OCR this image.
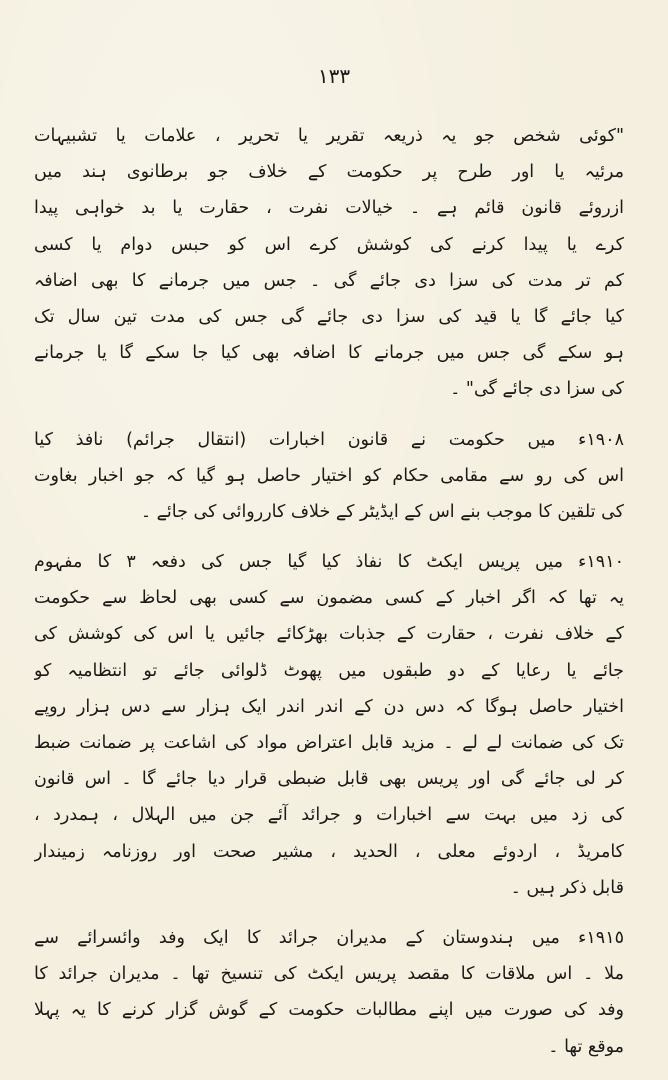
١٣٣
"کوئی شخص جو یہ ذریعہ تقریر یا تحریر ، علامات یا تشبیہات
مرئیہ یا اور طرح پر حکومت کے خلاف جو برطانوی ہند میں
ازروئے قانون قائم ہے ۔ خیالات نفرت ، حقارت یا بد خواہی پیدا
کرے یا پیدا کرنے کی کوشش کرے اس کو حبس دوام یا کسی
کم تر مدت کی سزا دی جائے گی ۔ جس میں جرمانے کا بھی اضافہ
کیا جائے گا یا قید کی سزا دی جائے گی جس کی مدت تین سال تک
ہو سکے گی جس میں جرمانے کا اضافہ بھی کیا جا سکے گا یا جرمانے
کی سزا دی جائے گی" ۔
١٩٠٨ء میں حکومت نے قانون اخبارات (انتقال جرائم) نافذ کیا
اس کی رو سے مقامی حکام کو اختیار حاصل ہو گیا کہ جو اخبار بغاوت
کی تلقین کا موجب بنے اس کے ایڈیٹر کے خلاف کارروائی کی جائے ۔
١٩١٠ء میں پریس ایکٹ کا نفاذ کیا گیا جس کی دفعہ ٣ کا مفہوم
یہ تھا کہ اگر اخبار کے کسی مضمون سے کسی بھی لحاظ سے حکومت
کے خلاف نفرت ، حقارت کے جذبات بھڑکائے جائیں یا اس کی کوشش کی
جائے یا رعایا کے دو طبقوں میں پھوٹ ڈلوائی جائے تو انتظامیہ کو
اختیار حاصل ہوگا کہ دس دن کے اندر اندر ایک ہزار سے دس ہزار روپے
تک کی ضمانت لے لے ۔ مزید قابل اعتراض مواد کی اشاعت پر ضمانت ضبط
کر لی جائے گی اور پریس بھی قابل ضبطی قرار دیا جائے گا ۔ اس قانون
کی زد میں بہت سے اخبارات و جرائد آئے جن میں الہلال ، ہمدرد ،
کامریڈ ، اردوئے معلی ، الحدید ، مشیر صحت اور روزنامہ زمیندار
قابل ذکر ہیں ۔
١٩١٥ء میں ہندوستان کے مدیران جرائد کا ایک وفد وائسرائے سے
ملا ۔ اس ملاقات کا مقصد پریس ایکٹ کی تنسیخ تھا ۔ مدیران جرائد کا
وفد کی صورت میں اپنے مطالبات حکومت کے گوش گزار کرنے کا یہ پہلا
موقع تھا ۔
